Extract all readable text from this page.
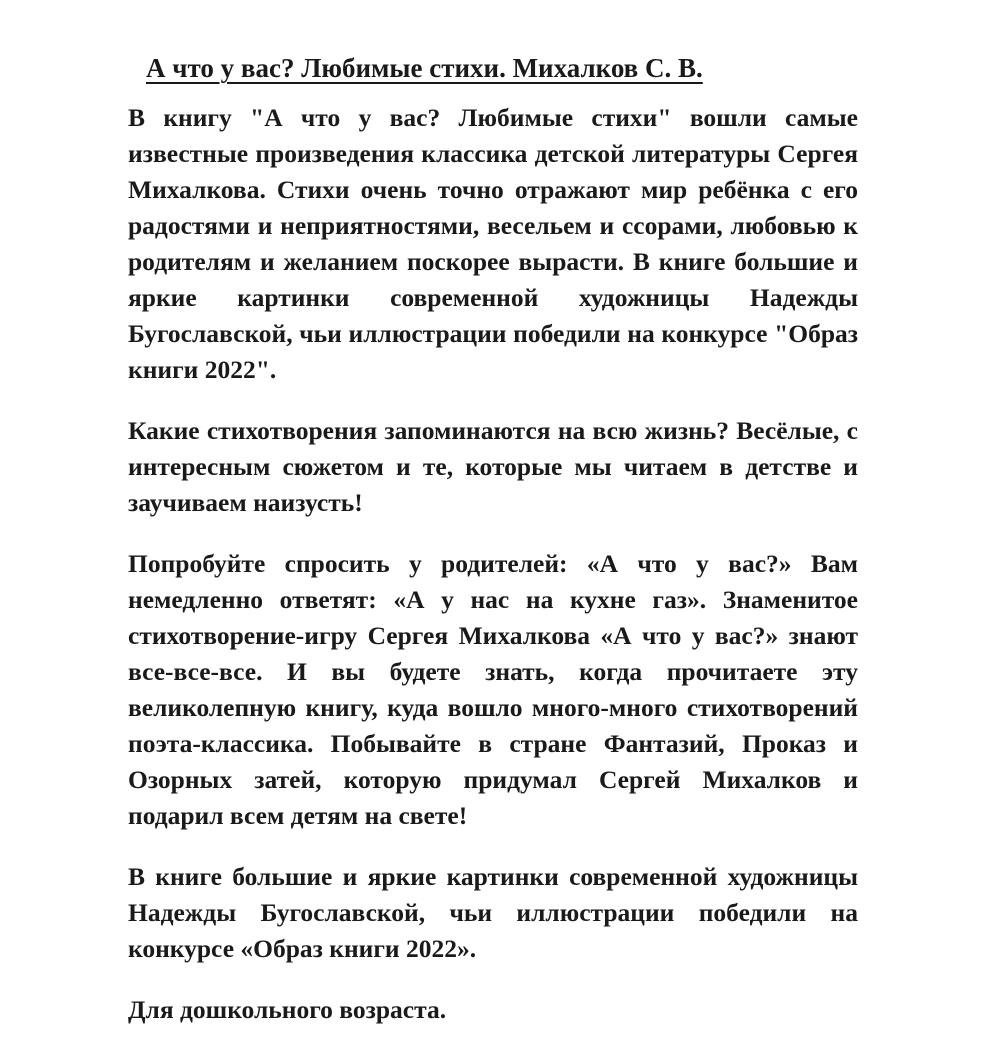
А что у вас? Любимые стихи. Михалков С. В.

В книгу "А что у вас? Любимые стихи" вошли самые известные произведения классика детской литературы Сергея Михалкова. Стихи очень точно отражают мир ребёнка с его радостями и неприятностями, весельем и ссорами, любовью к родителям и желанием поскорее вырасти. В книге большие и яркие картинки современной художницы Надежды Бугославской, чьи иллюстрации победили на конкурсе "Образ книги 2022".

Какие стихотворения запоминаются на всю жизнь? Весёлые, с интересным сюжетом и те, которые мы читаем в детстве и заучиваем наизусть!

Попробуйте спросить у родителей: «А что у вас?» Вам немедленно ответят: «А у нас на кухне газ». Знаменитое стихотворение-игру Сергея Михалкова «А что у вас?» знают все-все-все. И вы будете знать, когда прочитаете эту великолепную книгу, куда вошло много-много стихотворений поэта-классика. Побывайте в стране Фантазий, Проказ и Озорных затей, которую придумал Сергей Михалков и подарил всем детям на свете!

В книге большие и яркие картинки современной художницы Надежды Бугославской, чьи иллюстрации победили на конкурсе «Образ книги 2022».

Для дошкольного возраста.
